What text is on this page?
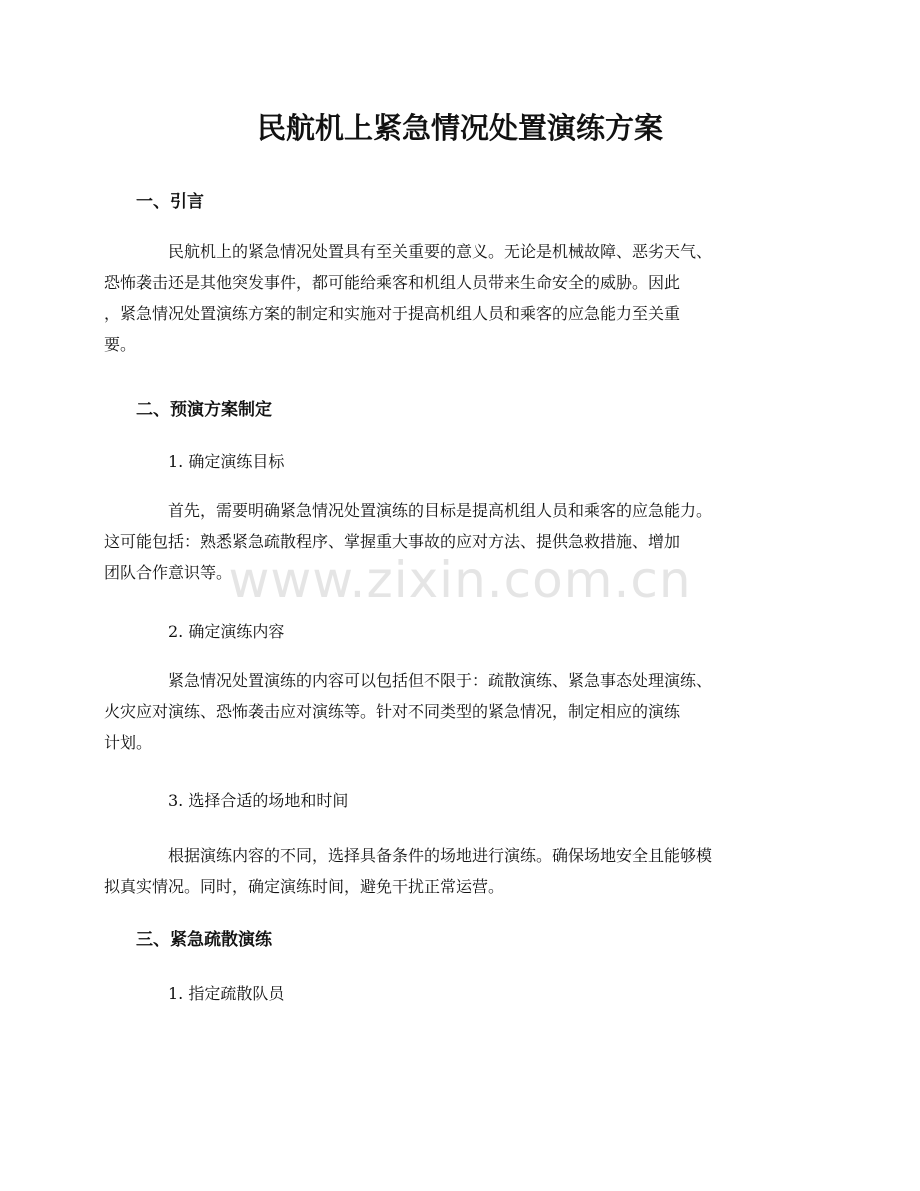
民航机上紧急情况处置演练方案
一、引言

民航机上的紧急情况处置具有至关重要的意义。无论是机械故障、恶劣天气、
恐怖袭击还是其他突发事件，都可能给乘客和机组人员带来生命安全的威胁。因此
，紧急情况处置演练方案的制定和实施对于提高机组人员和乘客的应急能力至关重
要。

二、预演方案制定

1. 确定演练目标

首先，需要明确紧急情况处置演练的目标是提高机组人员和乘客的应急能力。
这可能包括：熟悉紧急疏散程序、掌握重大事故的应对方法、提供急救措施、增加
团队合作意识等。

2. 确定演练内容

紧急情况处置演练的内容可以包括但不限于：疏散演练、紧急事态处理演练、
火灾应对演练、恐怖袭击应对演练等。针对不同类型的紧急情况，制定相应的演练
计划。

3. 选择合适的场地和时间

根据演练内容的不同，选择具备条件的场地进行演练。确保场地安全且能够模
拟真实情况。同时，确定演练时间，避免干扰正常运营。

三、紧急疏散演练

1. 指定疏散队员

www.zixin.com.cn
